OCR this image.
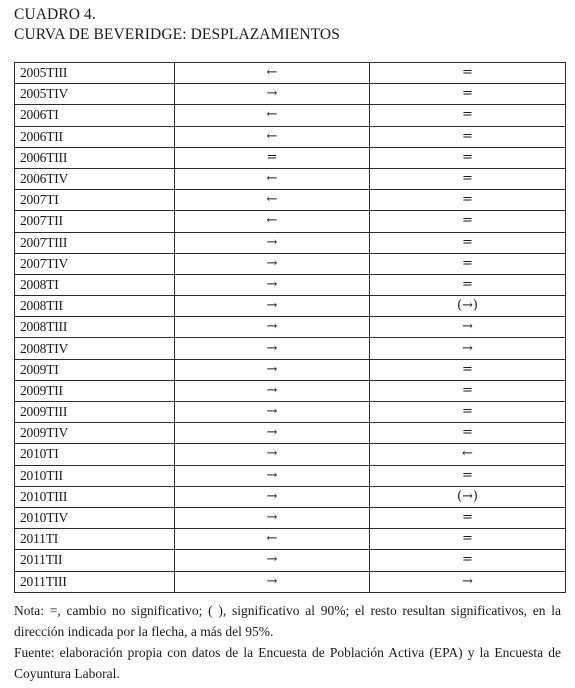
CUADRO 4.
CURVA DE BEVERIDGE: DESPLAZAMIENTOS
2005TIII	←	=
2005TIV	→	=
2006TI	←	=
2006TII	←	=
2006TIII	=	=
2006TIV	←	=
2007TI	←	=
2007TII	←	=
2007TIII	→	=
2007TIV	→	=
2008TI	→	=
2008TII	→	(→)
2008TIII	→	→
2008TIV	→	→
2009TI	→	=
2009TII	→	=
2009TIII	→	=
2009TIV	→	=
2010TI	→	←
2010TII	→	=
2010TIII	→	(→)
2010TIV	→	=
2011TI	←	=
2011TII	→	=
2011TIII	→	→

Nota: =, cambio no significativo; ( ), significativo al 90%; el resto resultan significativos, en la dirección indicada por la flecha, a más del 95%.

Fuente: elaboración propia con datos de la Encuesta de Población Activa (EPA) y la Encuesta de Coyuntura Laboral.
